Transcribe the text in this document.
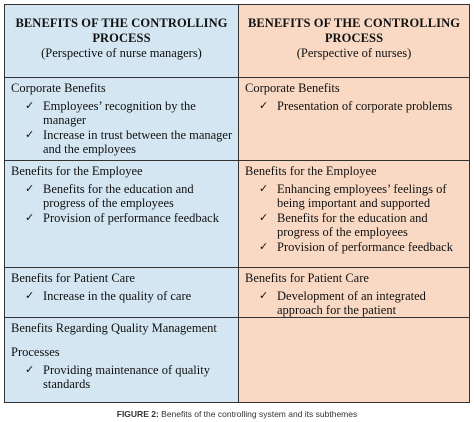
BENEFITS OF THE CONTROLLING PROCESS
(Perspective of nurse managers)
Corporate Benefits
✓ Employees’ recognition by the manager
✓ Increase in trust between the manager and the employees
Benefits for the Employee
✓ Benefits for the education and progress of the employees
✓ Provision of performance feedback
Benefits for Patient Care
✓ Increase in the quality of care
Benefits Regarding Quality Management
Processes
✓ Providing maintenance of quality standards
BENEFITS OF THE CONTROLLING PROCESS
(Perspective of nurses)
Corporate Benefits
✓ Presentation of corporate problems
Benefits for the Employee
✓ Enhancing employees’ feelings of being important and supported
✓ Benefits for the education and progress of the employees
✓ Provision of performance feedback
Benefits for Patient Care
✓ Development of an integrated approach for the patient
FIGURE 2: Benefits of the controlling system and its subthemes
